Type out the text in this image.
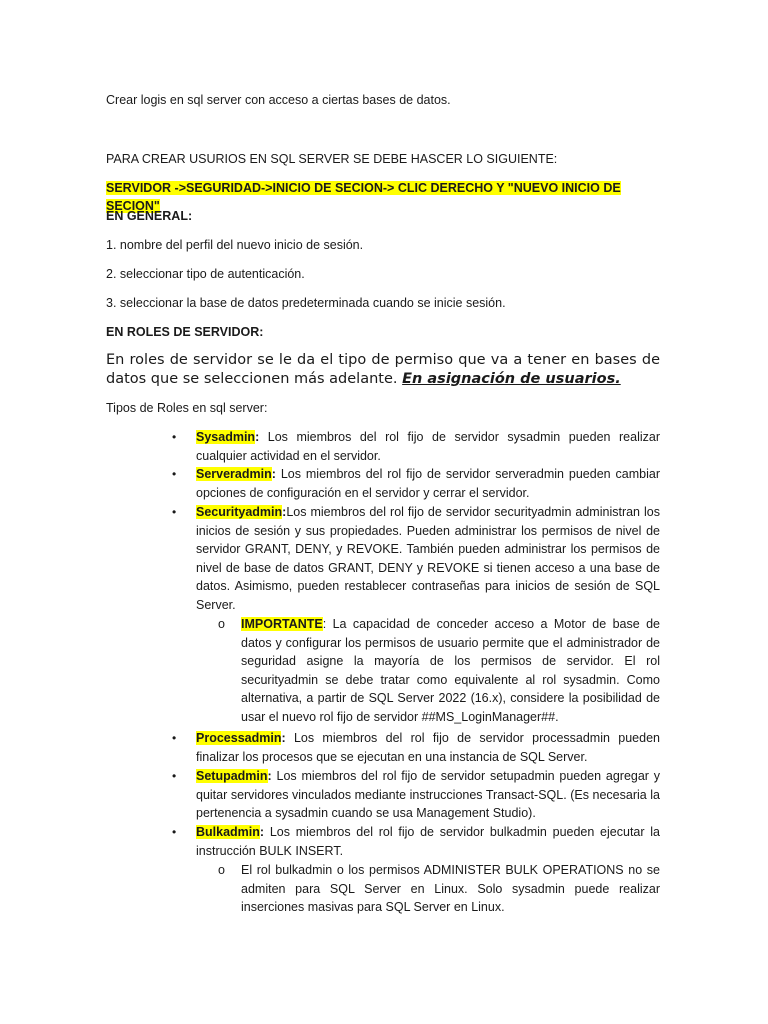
Crear logis en sql server con acceso a ciertas bases de datos.

PARA CREAR USURIOS EN SQL SERVER SE DEBE HASCER LO SIGUIENTE:

SERVIDOR ->SEGURIDAD->INICIO DE SECION-> CLIC DERECHO Y "NUEVO INICIO DE SECION"

EN GENERAL:

1. nombre del perfil del nuevo inicio de sesión.

2. seleccionar tipo de autenticación.

3. seleccionar la base de datos predeterminada cuando se inicie sesión.

EN ROLES DE SERVIDOR:

En roles de servidor se le da el tipo de permiso que va a tener en bases de datos que se seleccionen más adelante. En asignación de usuarios.

Tipos de Roles en sql server:

• Sysadmin: Los miembros del rol fijo de servidor sysadmin pueden realizar cualquier actividad en el servidor.

• Serveradmin: Los miembros del rol fijo de servidor serveradmin pueden cambiar opciones de configuración en el servidor y cerrar el servidor.

• Securityadmin:Los miembros del rol fijo de servidor securityadmin administran los inicios de sesión y sus propiedades. Pueden administrar los permisos de nivel de servidor GRANT, DENY, y REVOKE. También pueden administrar los permisos de nivel de base de datos GRANT, DENY y REVOKE si tienen acceso a una base de datos. Asimismo, pueden restablecer contraseñas para inicios de sesión de SQL Server.

o IMPORTANTE: La capacidad de conceder acceso a Motor de base de datos y configurar los permisos de usuario permite que el administrador de seguridad asigne la mayoría de los permisos de servidor. El rol securityadmin se debe tratar como equivalente al rol sysadmin. Como alternativa, a partir de SQL Server 2022 (16.x), considere la posibilidad de usar el nuevo rol fijo de servidor ##MS_LoginManager##.

• Processadmin: Los miembros del rol fijo de servidor processadmin pueden finalizar los procesos que se ejecutan en una instancia de SQL Server.

• Setupadmin: Los miembros del rol fijo de servidor setupadmin pueden agregar y quitar servidores vinculados mediante instrucciones Transact-SQL. (Es necesaria la pertenencia a sysadmin cuando se usa Management Studio).

• Bulkadmin: Los miembros del rol fijo de servidor bulkadmin pueden ejecutar la instrucción BULK INSERT.

o El rol bulkadmin o los permisos ADMINISTER BULK OPERATIONS no se admiten para SQL Server en Linux. Solo sysadmin puede realizar inserciones masivas para SQL Server en Linux.
